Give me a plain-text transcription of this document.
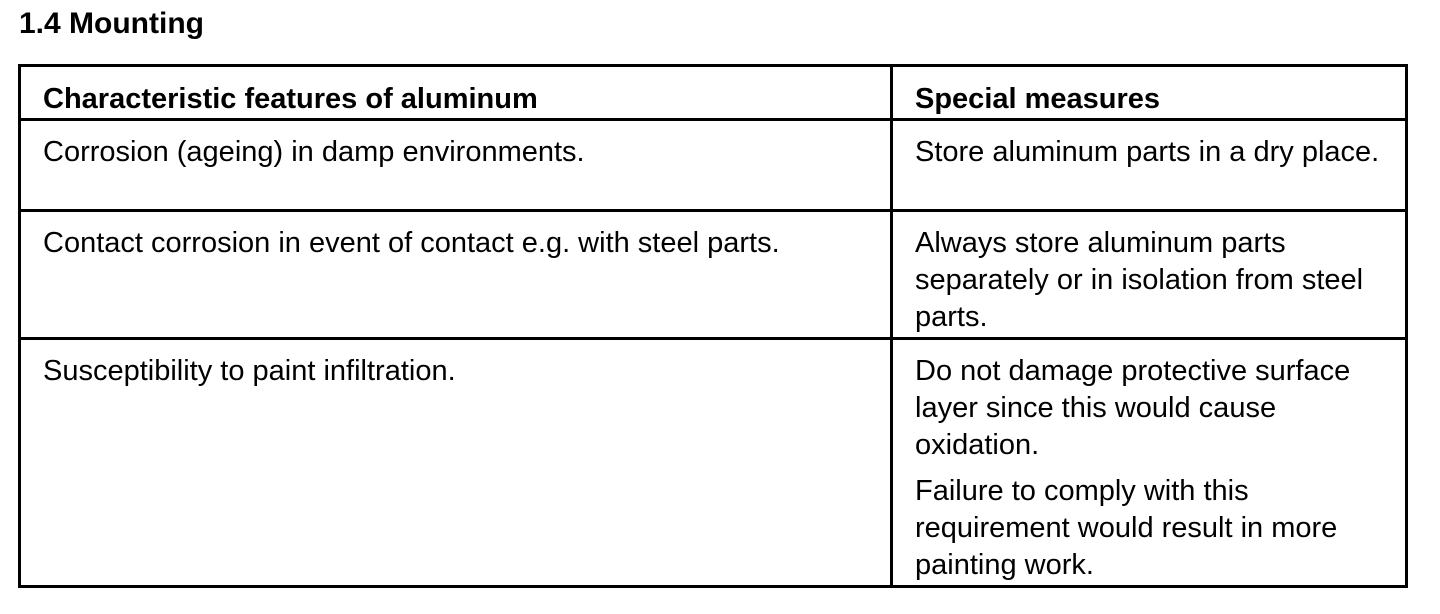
1.4 Mounting
Characteristic features of aluminum	Special measures

Corrosion (ageing) in damp environments.	Store aluminum parts in a dry place.

Contact corrosion in event of contact e.g. with steel parts.	Always store aluminum parts separately or in isolation from steel parts.

Susceptibility to paint infiltration.	Do not damage protective surface layer since this would cause oxidation.
Failure to comply with this requirement would result in more painting work.
